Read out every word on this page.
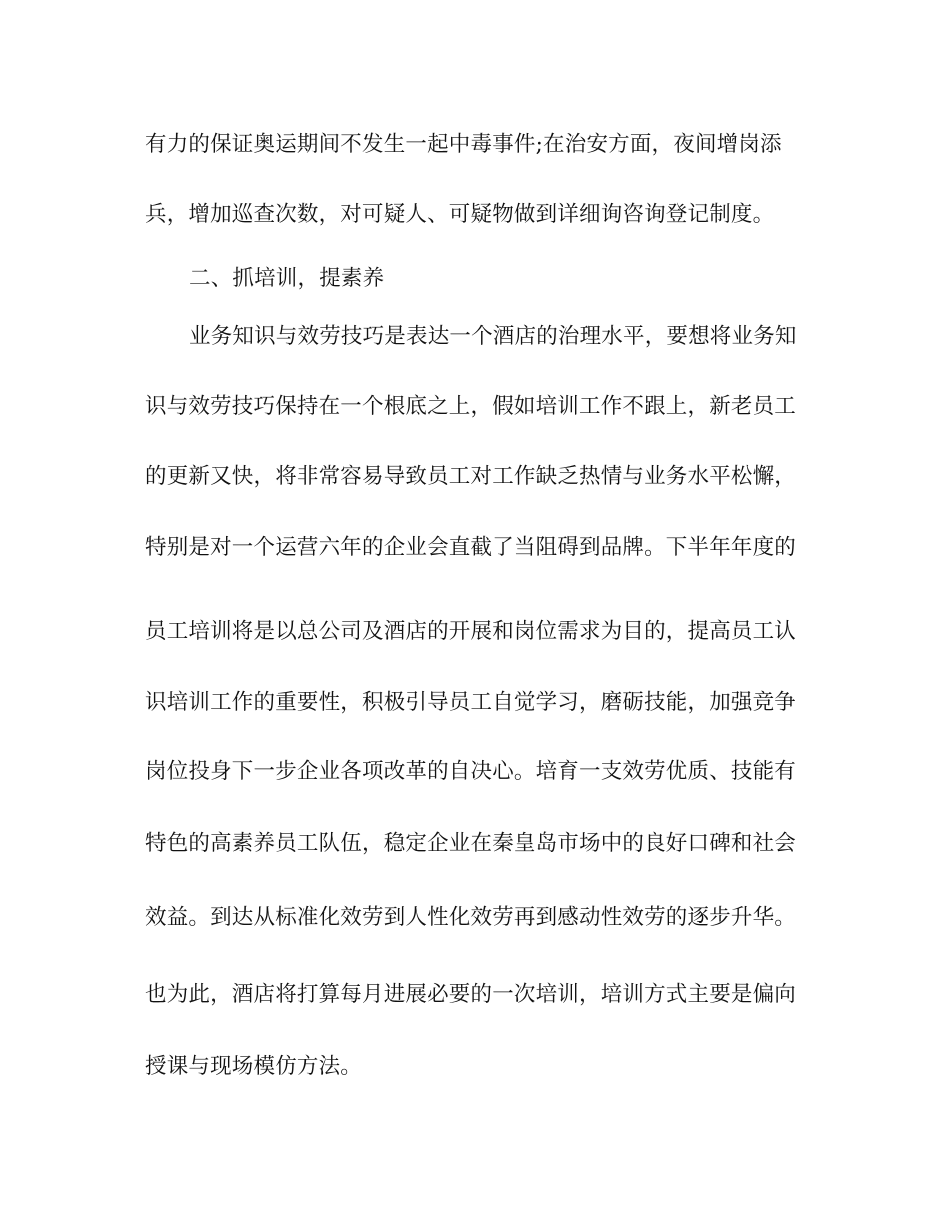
有力的保证奥运期间不发生一起中毒事件;在治安方面，夜间增岗添
兵，增加巡查次数，对可疑人、可疑物做到详细询咨询登记制度。
二、抓培训，提素养
业务知识与效劳技巧是表达一个酒店的治理水平，要想将业务知
识与效劳技巧保持在一个根底之上，假如培训工作不跟上，新老员工
的更新又快，将非常容易导致员工对工作缺乏热情与业务水平松懈，
特别是对一个运营六年的企业会直截了当阻碍到品牌。下半年年度的
员工培训将是以总公司及酒店的开展和岗位需求为目的，提高员工认
识培训工作的重要性，积极引导员工自觉学习，磨砺技能，加强竞争
岗位投身下一步企业各项改革的自决心。培育一支效劳优质、技能有
特色的高素养员工队伍，稳定企业在秦皇岛市场中的良好口碑和社会
效益。到达从标准化效劳到人性化效劳再到感动性效劳的逐步升华。
也为此，酒店将打算每月进展必要的一次培训，培训方式主要是偏向
授课与现场模仿方法。
